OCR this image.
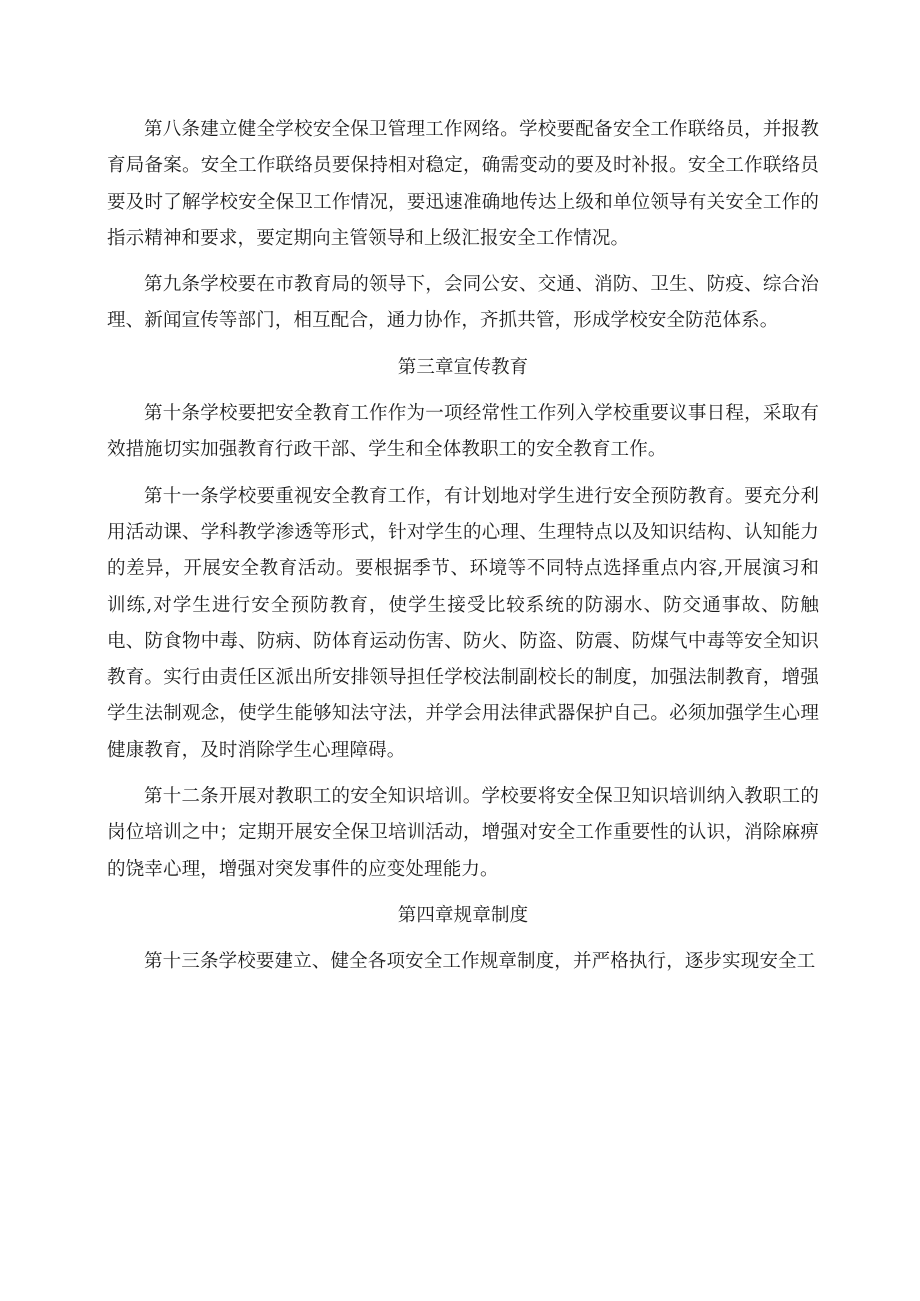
第八条建立健全学校安全保卫管理工作网络。学校要配备安全工作联络员，并报教育局备案。安全工作联络员要保持相对稳定，确需变动的要及时补报。安全工作联络员要及时了解学校安全保卫工作情况，要迅速准确地传达上级和单位领导有关安全工作的指示精神和要求，要定期向主管领导和上级汇报安全工作情况。

第九条学校要在市教育局的领导下，会同公安、交通、消防、卫生、防疫、综合治理、新闻宣传等部门，相互配合，通力协作，齐抓共管，形成学校安全防范体系。

第三章宣传教育

第十条学校要把安全教育工作作为一项经常性工作列入学校重要议事日程，采取有效措施切实加强教育行政干部、学生和全体教职工的安全教育工作。

第十一条学校要重视安全教育工作，有计划地对学生进行安全预防教育。要充分利用活动课、学科教学渗透等形式，针对学生的心理、生理特点以及知识结构、认知能力的差异，开展安全教育活动。要根据季节、环境等不同特点选择重点内容,开展演习和训练,对学生进行安全预防教育，使学生接受比较系统的防溺水、防交通事故、防触电、防食物中毒、防病、防体育运动伤害、防火、防盗、防震、防煤气中毒等安全知识教育。实行由责任区派出所安排领导担任学校法制副校长的制度，加强法制教育，增强学生法制观念，使学生能够知法守法，并学会用法律武器保护自己。必须加强学生心理健康教育，及时消除学生心理障碍。

第十二条开展对教职工的安全知识培训。学校要将安全保卫知识培训纳入教职工的岗位培训之中；定期开展安全保卫培训活动，增强对安全工作重要性的认识，消除麻痹的饶幸心理，增强对突发事件的应变处理能力。

第四章规章制度

第十三条学校要建立、健全各项安全工作规章制度，并严格执行，逐步实现安全工
